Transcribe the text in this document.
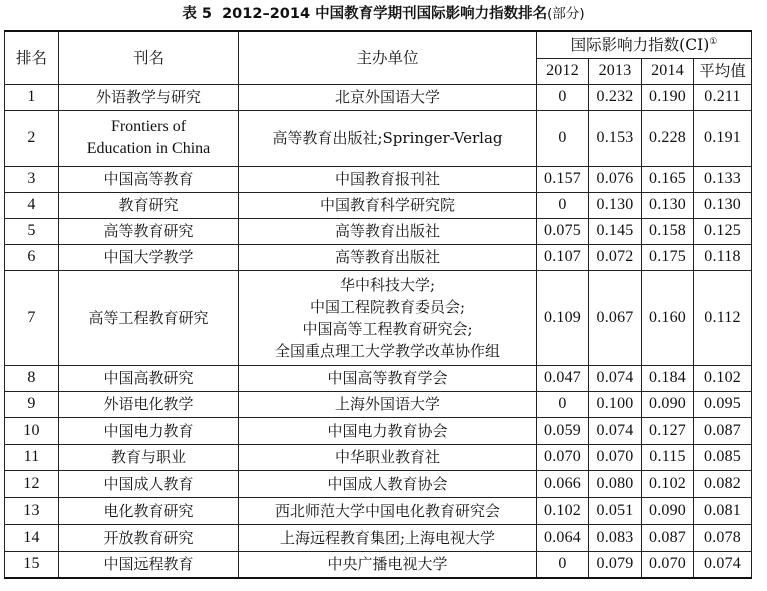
表 5 2012–2014 中国教育学期刊国际影响力指数排名(部分)
排名	刊名	主办单位	国际影响力指数(CI)①
			2012	2013	2014	平均值
1	外语教学与研究	北京外国语大学	0	0.232	0.190	0.211
2	Frontiers of
Education in China	高等教育出版社;Springer-Verlag	0	0.153	0.228	0.191
3	中国高等教育	中国教育报刊社	0.157	0.076	0.165	0.133
4	教育研究	中国教育科学研究院	0	0.130	0.130	0.130
5	高等教育研究	高等教育出版社	0.075	0.145	0.158	0.125
6	中国大学教学	高等教育出版社	0.107	0.072	0.175	0.118
7	高等工程教育研究	华中科技大学;
中国工程院教育委员会;
中国高等工程教育研究会;
全国重点理工大学教学改革协作组	0.109	0.067	0.160	0.112
8	中国高教研究	中国高等教育学会	0.047	0.074	0.184	0.102
9	外语电化教学	上海外国语大学	0	0.100	0.090	0.095
10	中国电力教育	中国电力教育协会	0.059	0.074	0.127	0.087
11	教育与职业	中华职业教育社	0.070	0.070	0.115	0.085
12	中国成人教育	中国成人教育协会	0.066	0.080	0.102	0.082
13	电化教育研究	西北师范大学中国电化教育研究会	0.102	0.051	0.090	0.081
14	开放教育研究	上海远程教育集团;上海电视大学	0.064	0.083	0.087	0.078
15	中国远程教育	中央广播电视大学	0	0.079	0.070	0.074
